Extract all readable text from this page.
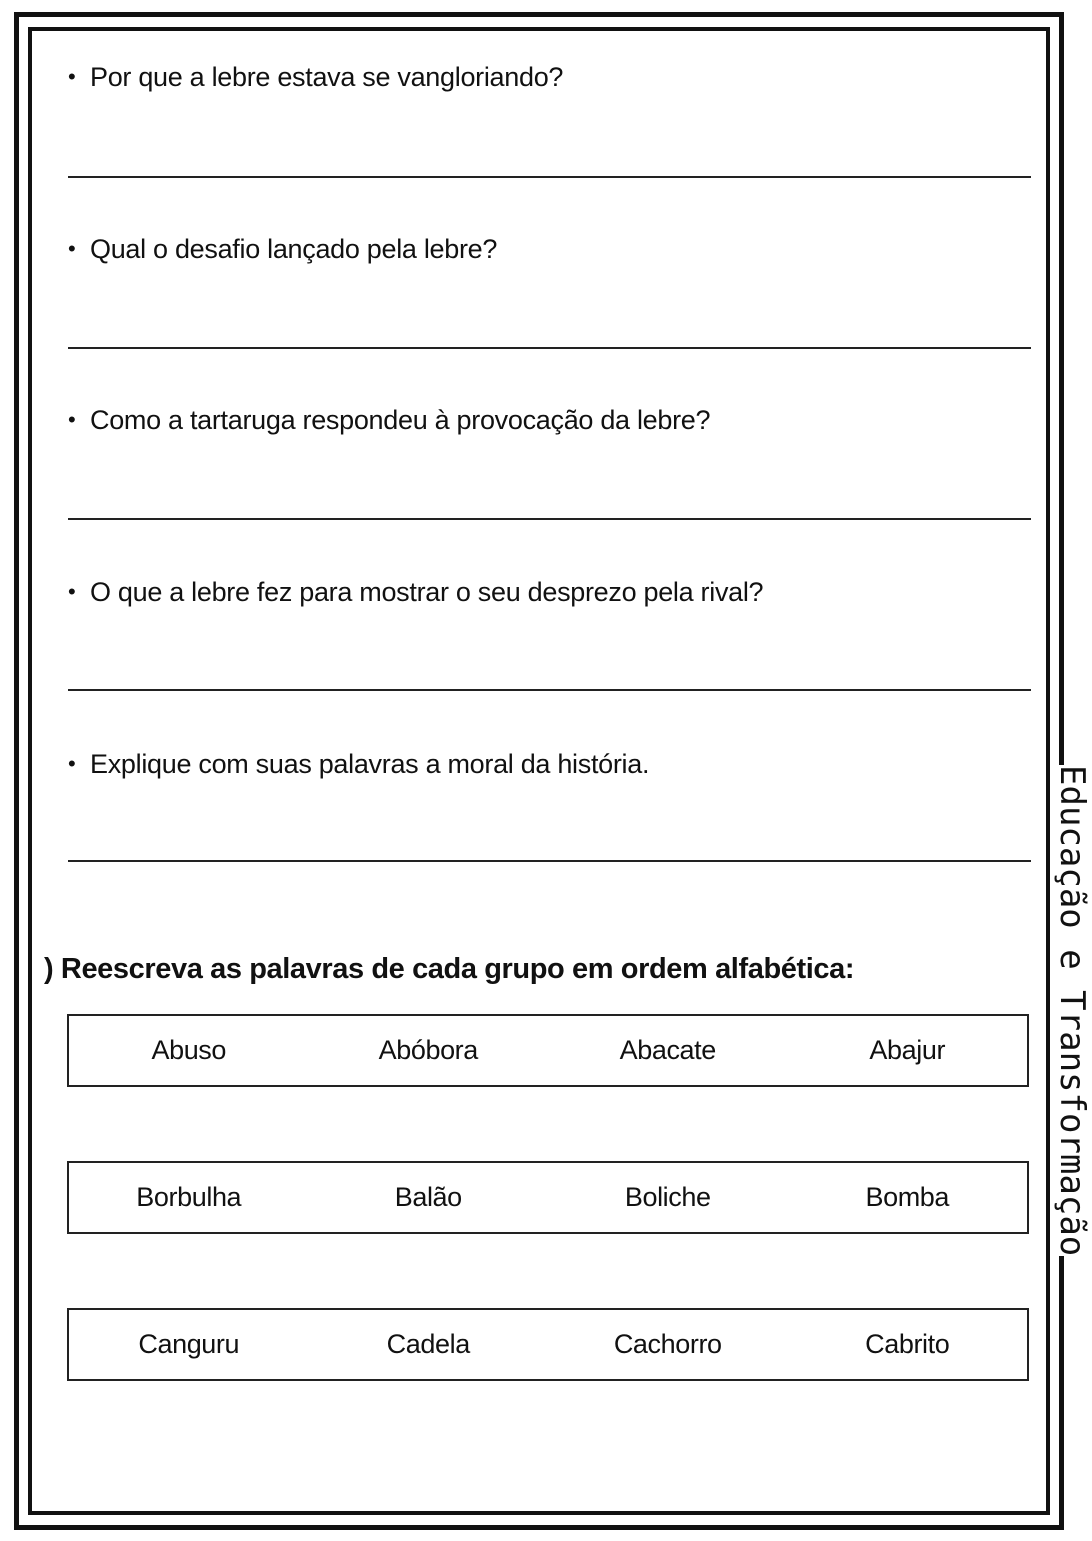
• Por que a lebre estava se vangloriando?
• Qual o desafio lançado pela lebre?
• Como a tartaruga respondeu à provocação da lebre?
• O que a lebre fez para mostrar o seu desprezo pela rival?
• Explique com suas palavras a moral da história.
) Reescreva as palavras de cada grupo em ordem alfabética:
Abuso	Abóbora	Abacate	Abajur
Borbulha	Balão	Boliche	Bomba
Canguru	Cadela	Cachorro	Cabrito
Educação e Transformação
